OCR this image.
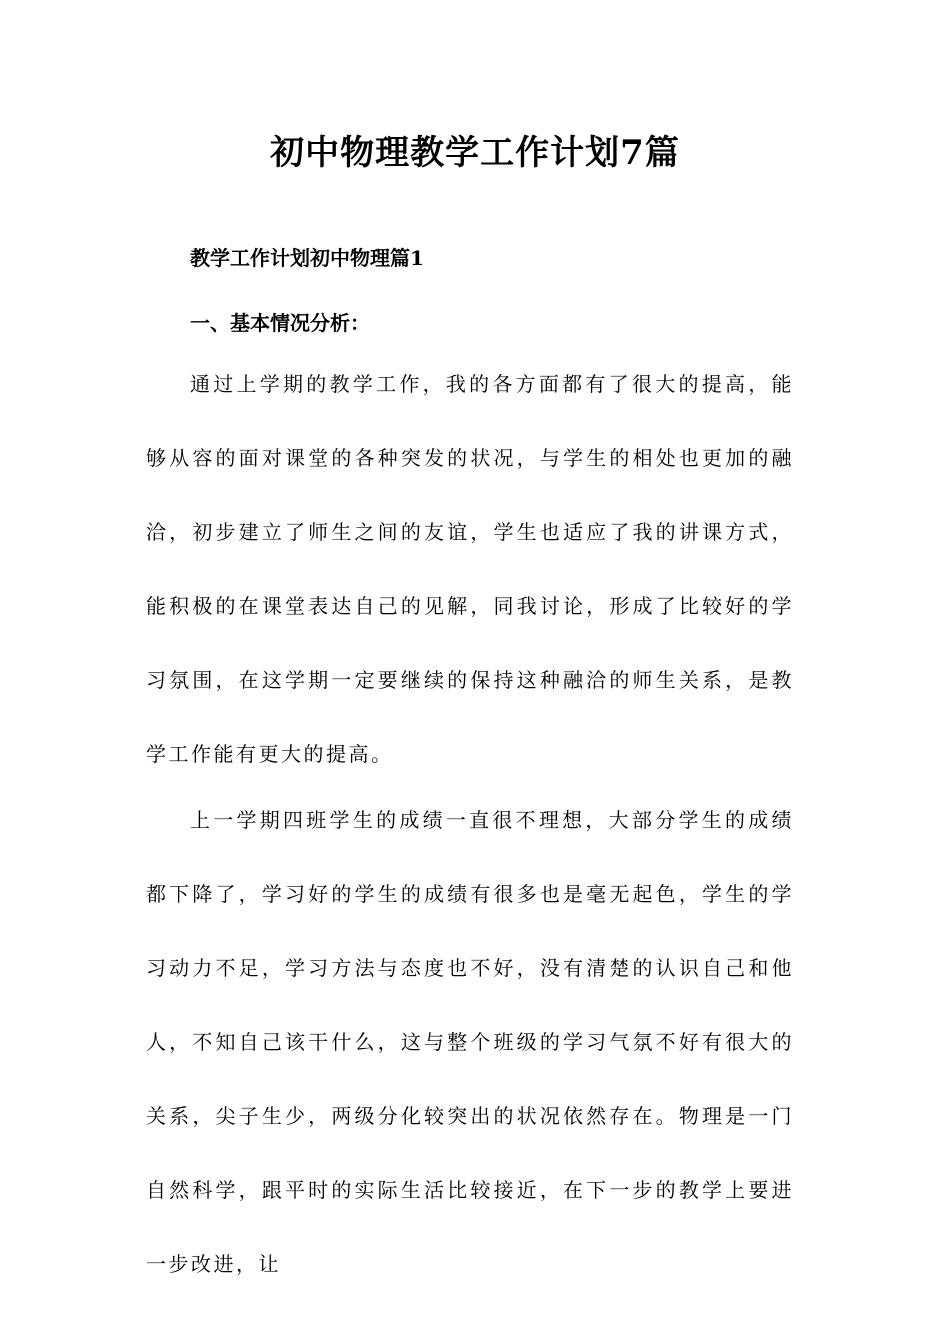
初中物理教学工作计划7篇
教学工作计划初中物理篇1
一、基本情况分析：

通过上学期的教学工作，我的各方面都有了很大的提高，能够从容的面对课堂的各种突发的状况，与学生的相处也更加的融洽，初步建立了师生之间的友谊，学生也适应了我的讲课方式，能积极的在课堂表达自己的见解，同我讨论，形成了比较好的学习氛围，在这学期一定要继续的保持这种融洽的师生关系，是教学工作能有更大的提高。

上一学期四班学生的成绩一直很不理想，大部分学生的成绩都下降了，学习好的学生的成绩有很多也是毫无起色，学生的学习动力不足，学习方法与态度也不好，没有清楚的认识自己和他人，不知自己该干什么，这与整个班级的学习气氛不好有很大的关系，尖子生少，两级分化较突出的状况依然存在。物理是一门自然科学，跟平时的实际生活比较接近，在下一步的教学上要进一步改进，让
